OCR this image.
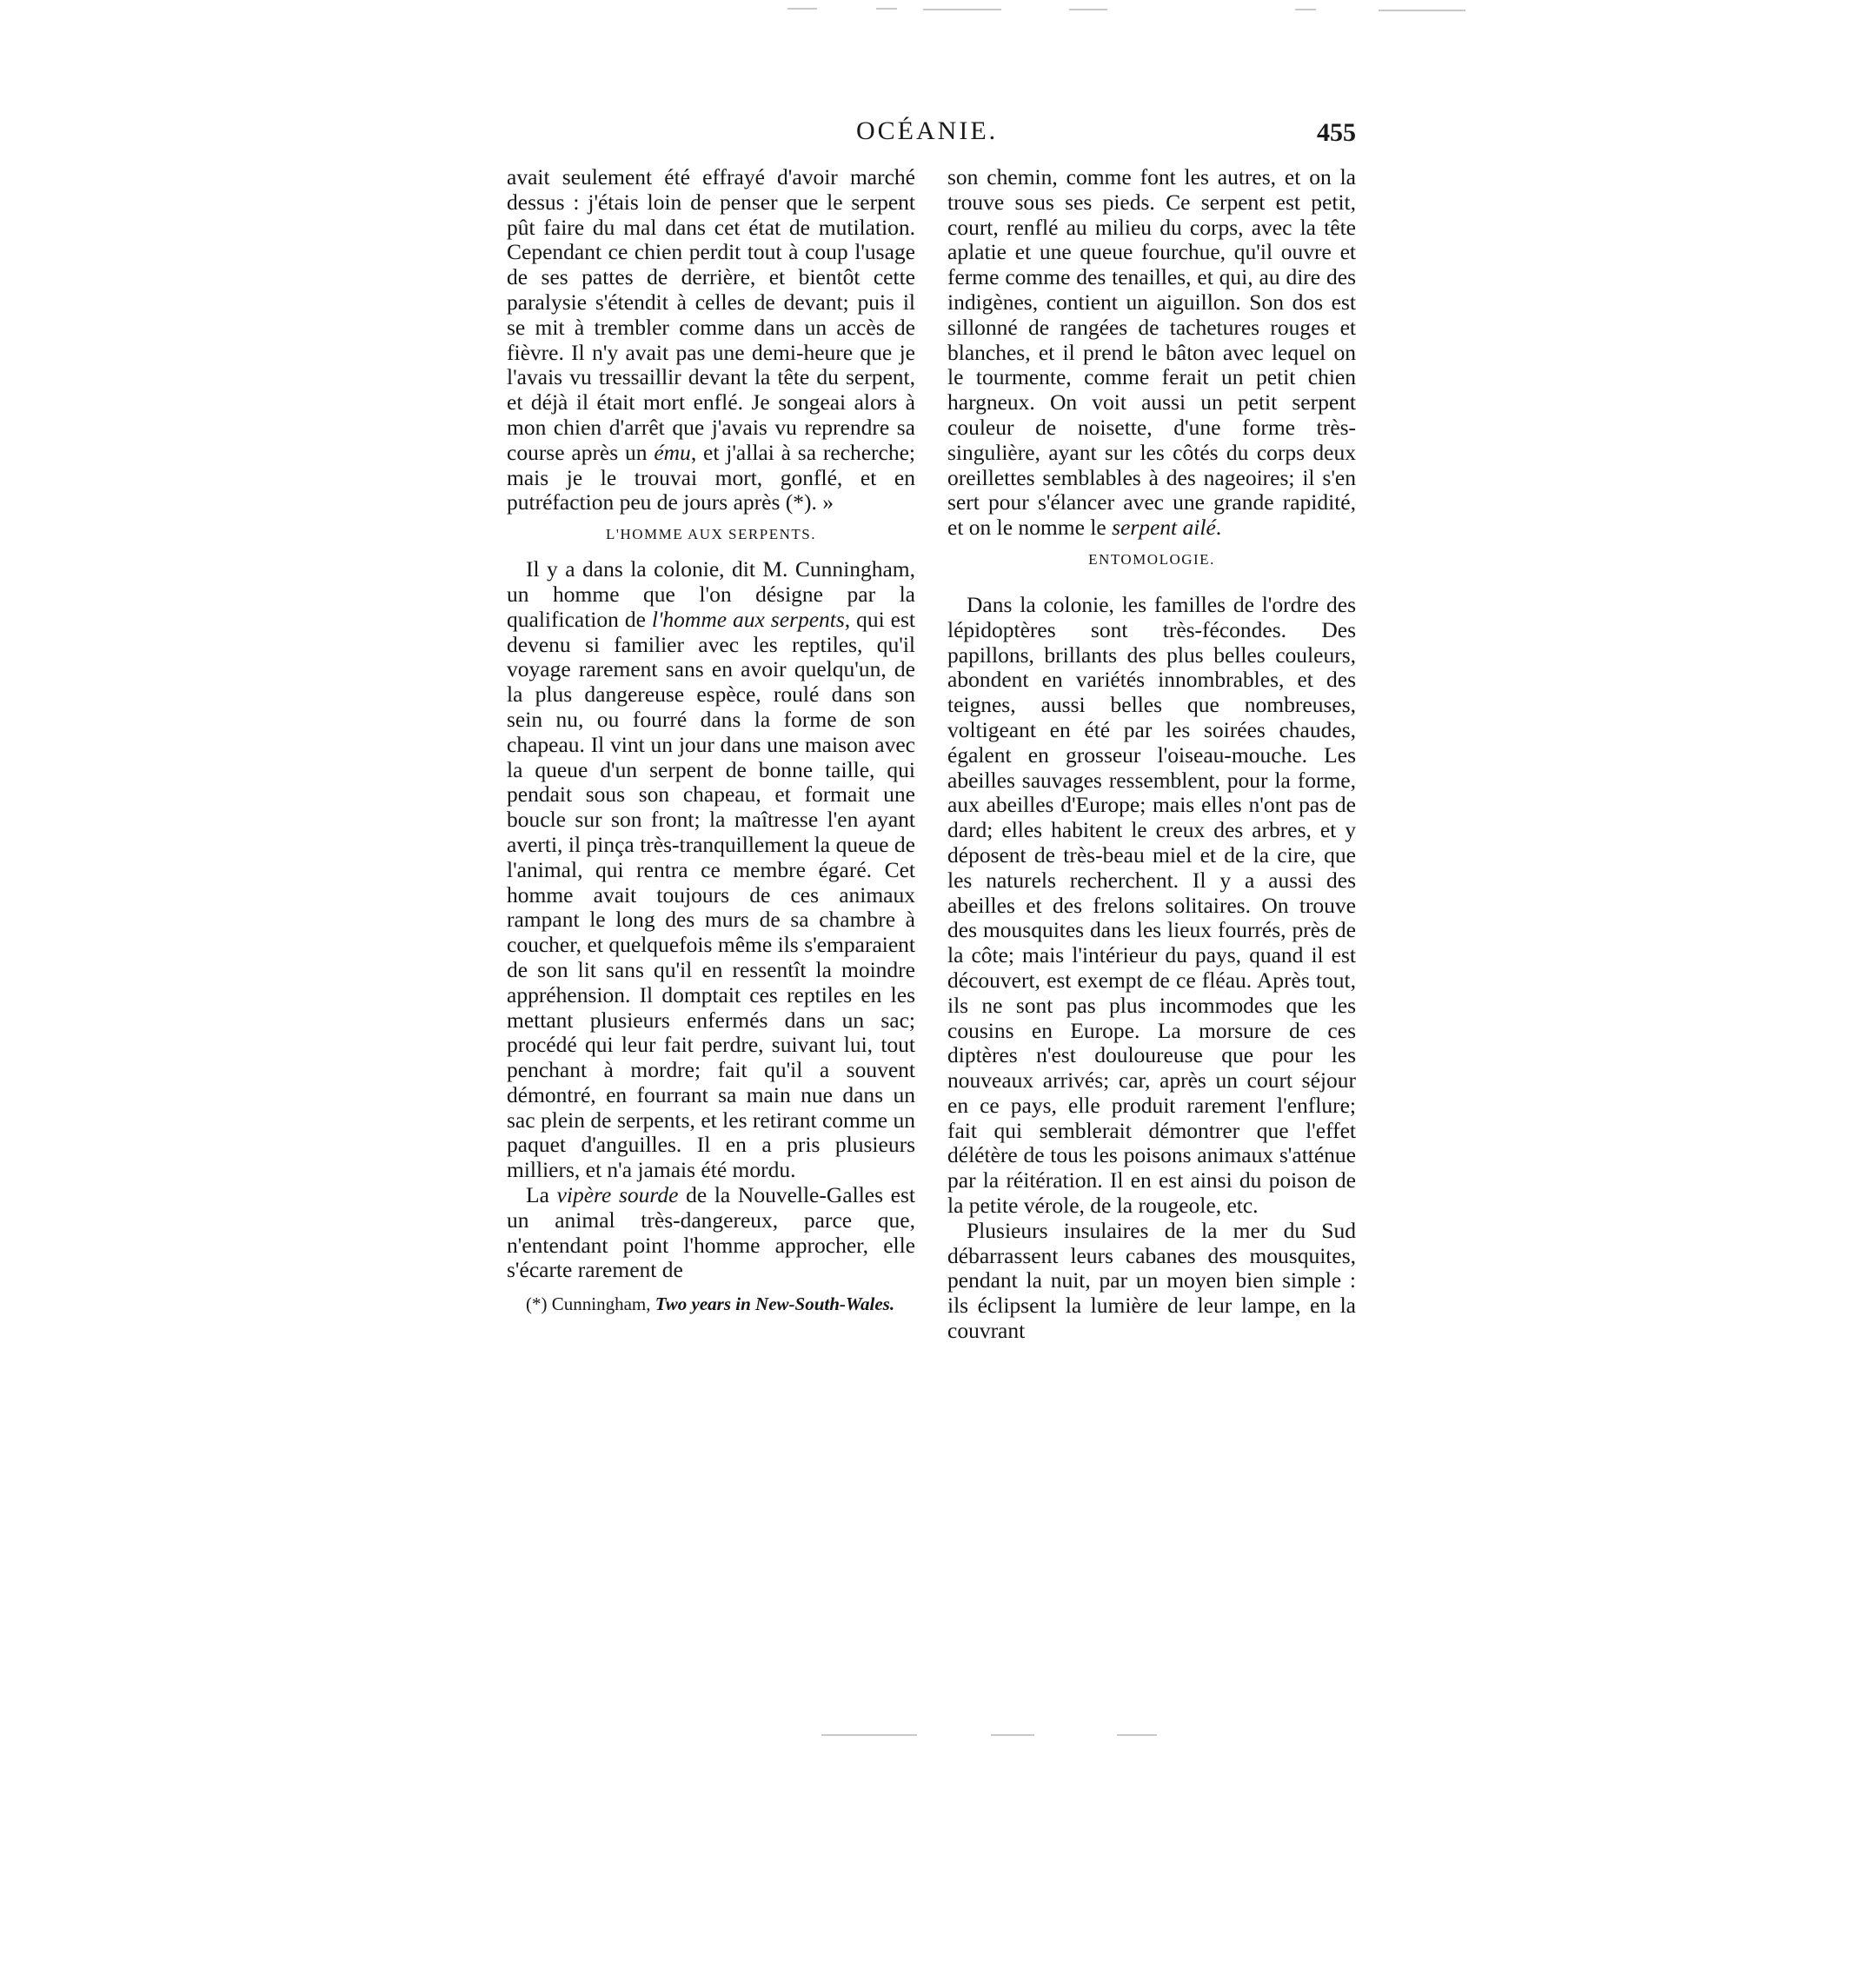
OCÉANIE.	455

avait seulement été effrayé d'avoir marché dessus : j'étais loin de penser que le serpent pût faire du mal dans cet état de mutilation. Cependant ce chien perdit tout à coup l'usage de ses pattes de derrière, et bientôt cette paralysie s'étendit à celles de devant; puis il se mit à trembler comme dans un accès de fièvre. Il n'y avait pas une demi-heure que je l'avais vu tressaillir devant la tête du serpent, et déjà il était mort enflé. Je songeai alors à mon chien d'arrêt que j'avais vu reprendre sa course après un ému, et j'allai à sa recherche; mais je le trouvai mort, gonflé, et en putréfaction peu de jours après (*). »

L'HOMME AUX SERPENTS.

Il y a dans la colonie, dit M. Cunningham, un homme que l'on désigne par la qualification de l'homme aux serpents, qui est devenu si familier avec les reptiles, qu'il voyage rarement sans en avoir quelqu'un, de la plus dangereuse espèce, roulé dans son sein nu, ou fourré dans la forme de son chapeau. Il vint un jour dans une maison avec la queue d'un serpent de bonne taille, qui pendait sous son chapeau, et formait une boucle sur son front; la maîtresse l'en ayant averti, il pinça très-tranquillement la queue de l'animal, qui rentra ce membre égaré. Cet homme avait toujours de ces animaux rampant le long des murs de sa chambre à coucher, et quelquefois même ils s'emparaient de son lit sans qu'il en ressentît la moindre appréhension. Il domptait ces reptiles en les mettant plusieurs enfermés dans un sac; procédé qui leur fait perdre, suivant lui, tout penchant à mordre; fait qu'il a souvent démontré, en fourrant sa main nue dans un sac plein de serpents, et les retirant comme un paquet d'anguilles. Il en a pris plusieurs milliers, et n'a jamais été mordu.

La vipère sourde de la Nouvelle-Galles est un animal très-dangereux, parce que, n'entendant point l'homme approcher, elle s'écarte rarement de

(*) Cunningham, Two years in New-South-Wales.

son chemin, comme font les autres, et on la trouve sous ses pieds. Ce serpent est petit, court, renflé au milieu du corps, avec la tête aplatie et une queue fourchue, qu'il ouvre et ferme comme des tenailles, et qui, au dire des indigènes, contient un aiguillon. Son dos est sillonné de rangées de tachetures rouges et blanches, et il prend le bâton avec lequel on le tourmente, comme ferait un petit chien hargneux. On voit aussi un petit serpent couleur de noisette, d'une forme très-singulière, ayant sur les côtés du corps deux oreillettes semblables à des nageoires; il s'en sert pour s'élancer avec une grande rapidité, et on le nomme le serpent ailé.

ENTOMOLOGIE.

Dans la colonie, les familles de l'ordre des lépidoptères sont très-fécondes. Des papillons, brillants des plus belles couleurs, abondent en variétés innombrables, et des teignes, aussi belles que nombreuses, voltigeant en été par les soirées chaudes, égalent en grosseur l'oiseau-mouche. Les abeilles sauvages ressemblent, pour la forme, aux abeilles d'Europe; mais elles n'ont pas de dard; elles habitent le creux des arbres, et y déposent de très-beau miel et de la cire, que les naturels recherchent. Il y a aussi des abeilles et des frelons solitaires. On trouve des mousquites dans les lieux fourrés, près de la côte; mais l'intérieur du pays, quand il est découvert, est exempt de ce fléau. Après tout, ils ne sont pas plus incommodes que les cousins en Europe. La morsure de ces diptères n'est douloureuse que pour les nouveaux arrivés; car, après un court séjour en ce pays, elle produit rarement l'enflure; fait qui semblerait démontrer que l'effet délétère de tous les poisons animaux s'atténue par la réitération. Il en est ainsi du poison de la petite vérole, de la rougeole, etc.

Plusieurs insulaires de la mer du Sud débarrassent leurs cabanes des mousquites, pendant la nuit, par un moyen bien simple : ils éclipsent la lumière de leur lampe, en la couvrant
